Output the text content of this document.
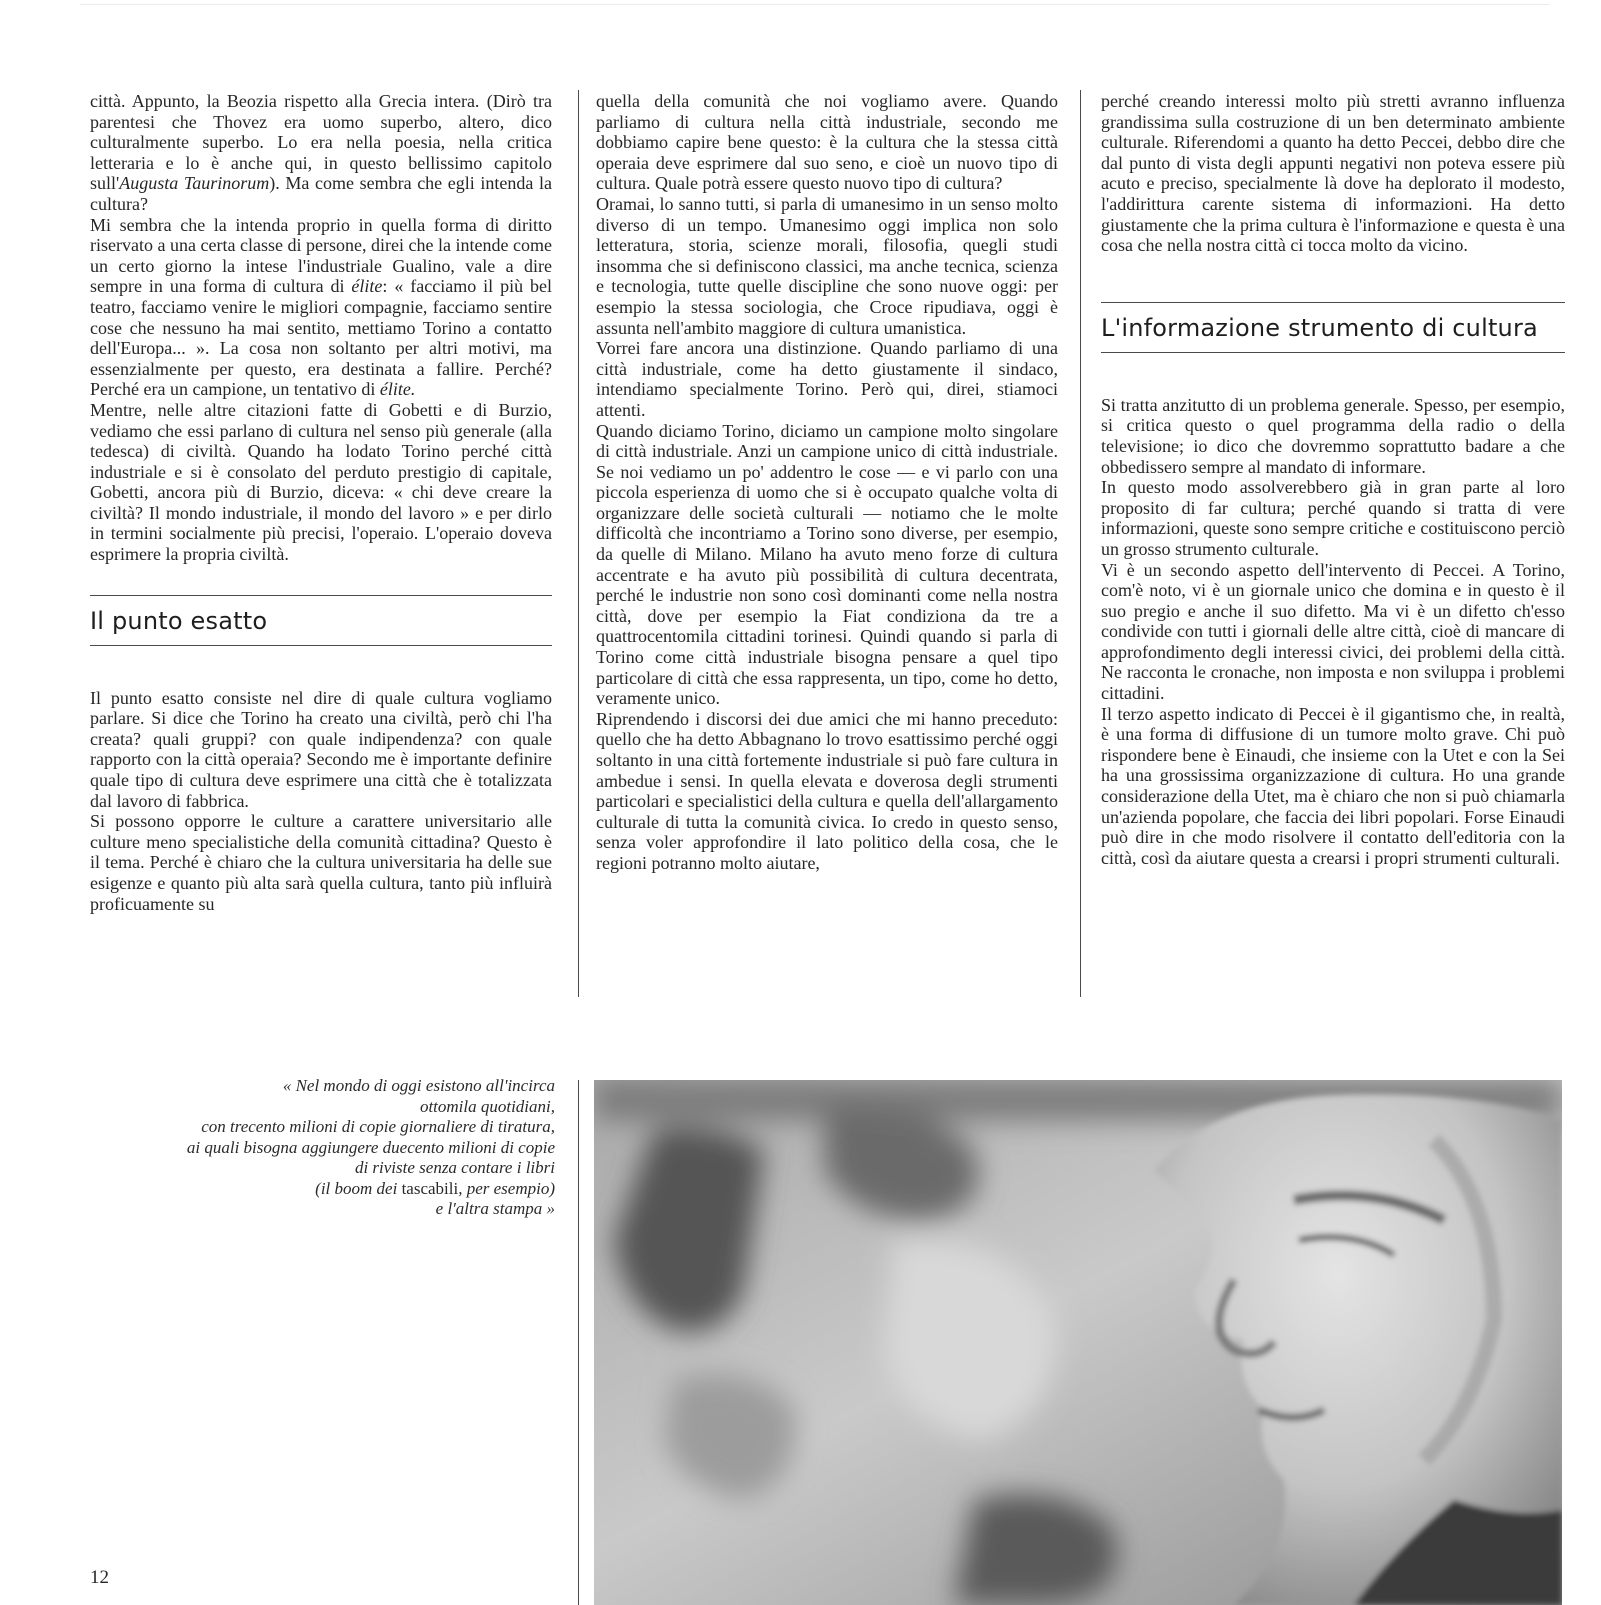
città. Appunto, la Beozia rispetto alla Grecia intera. (Dirò tra parentesi che Thovez era uomo superbo, altero, dico culturalmente superbo. Lo era nella poesia, nella critica letteraria e lo è anche qui, in questo bellissimo capitolo sull'Augusta Taurinorum). Ma come sembra che egli intenda la cultura?

Mi sembra che la intenda proprio in quella forma di diritto riservato a una certa classe di persone, direi che la intende come un certo giorno la intese l'industriale Gualino, vale a dire sempre in una forma di cultura di élite: « facciamo il più bel teatro, facciamo venire le migliori compagnie, facciamo sentire cose che nessuno ha mai sentito, mettiamo Torino a contatto dell'Europa... ». La cosa non soltanto per altri motivi, ma essenzialmente per questo, era destinata a fallire. Perché? Perché era un campione, un tentativo di élite.

Mentre, nelle altre citazioni fatte di Gobetti e di Burzio, vediamo che essi parlano di cultura nel senso più generale (alla tedesca) di civiltà. Quando ha lodato Torino perché città industriale e si è consolato del perduto prestigio di capitale, Gobetti, ancora più di Burzio, diceva: « chi deve creare la civiltà? Il mondo industriale, il mondo del lavoro » e per dirlo in termini socialmente più precisi, l'operaio. L'operaio doveva esprimere la propria civiltà.

Il punto esatto

Il punto esatto consiste nel dire di quale cultura vogliamo parlare. Si dice che Torino ha creato una civiltà, però chi l'ha creata? quali gruppi? con quale indipendenza? con quale rapporto con la città operaia? Secondo me è importante definire quale tipo di cultura deve esprimere una città che è totalizzata dal lavoro di fabbrica.

Si possono opporre le culture a carattere universitario alle culture meno specialistiche della comunità cittadina? Questo è il tema. Perché è chiaro che la cultura universitaria ha delle sue esigenze e quanto più alta sarà quella cultura, tanto più influirà proficuamente su

quella della comunità che noi vogliamo avere. Quando parliamo di cultura nella città industriale, secondo me dobbiamo capire bene questo: è la cultura che la stessa città operaia deve esprimere dal suo seno, e cioè un nuovo tipo di cultura. Quale potrà essere questo nuovo tipo di cultura?

Oramai, lo sanno tutti, si parla di umanesimo in un senso molto diverso di un tempo. Umanesimo oggi implica non solo letteratura, storia, scienze morali, filosofia, quegli studi insomma che si definiscono classici, ma anche tecnica, scienza e tecnologia, tutte quelle discipline che sono nuove oggi: per esempio la stessa sociologia, che Croce ripudiava, oggi è assunta nell'ambito maggiore di cultura umanistica.

Vorrei fare ancora una distinzione. Quando parliamo di una città industriale, come ha detto giustamente il sindaco, intendiamo specialmente Torino. Però qui, direi, stiamoci attenti.

Quando diciamo Torino, diciamo un campione molto singolare di città industriale. Anzi un campione unico di città industriale. Se noi vediamo un po' addentro le cose — e vi parlo con una piccola esperienza di uomo che si è occupato qualche volta di organizzare delle società culturali — notiamo che le molte difficoltà che incontriamo a Torino sono diverse, per esempio, da quelle di Milano. Milano ha avuto meno forze di cultura accentrate e ha avuto più possibilità di cultura decentrata, perché le industrie non sono così dominanti come nella nostra città, dove per esempio la Fiat condiziona da tre a quattrocentomila cittadini torinesi. Quindi quando si parla di Torino come città industriale bisogna pensare a quel tipo particolare di città che essa rappresenta, un tipo, come ho detto, veramente unico.

Riprendendo i discorsi dei due amici che mi hanno preceduto: quello che ha detto Abbagnano lo trovo esattissimo perché oggi soltanto in una città fortemente industriale si può fare cultura in ambedue i sensi. In quella elevata e doverosa degli strumenti particolari e specialistici della cultura e quella dell'allargamento culturale di tutta la comunità civica. Io credo in questo senso, senza voler approfondire il lato politico della cosa, che le regioni potranno molto aiutare,

perché creando interessi molto più stretti avranno influenza grandissima sulla costruzione di un ben determinato ambiente culturale. Riferendomi a quanto ha detto Peccei, debbo dire che dal punto di vista degli appunti negativi non poteva essere più acuto e preciso, specialmente là dove ha deplorato il modesto, l'addirittura carente sistema di informazioni. Ha detto giustamente che la prima cultura è l'informazione e questa è una cosa che nella nostra città ci tocca molto da vicino.

L'informazione strumento di cultura

Si tratta anzitutto di un problema generale. Spesso, per esempio, si critica questo o quel programma della radio o della televisione; io dico che dovremmo soprattutto badare a che obbedissero sempre al mandato di informare.

In questo modo assolverebbero già in gran parte al loro proposito di far cultura; perché quando si tratta di vere informazioni, queste sono sempre critiche e costituiscono perciò un grosso strumento culturale.

Vi è un secondo aspetto dell'intervento di Peccei. A Torino, com'è noto, vi è un giornale unico che domina e in questo è il suo pregio e anche il suo difetto. Ma vi è un difetto ch'esso condivide con tutti i giornali delle altre città, cioè di mancare di approfondimento degli interessi civici, dei problemi della città. Ne racconta le cronache, non imposta e non sviluppa i problemi cittadini.

Il terzo aspetto indicato di Peccei è il gigantismo che, in realtà, è una forma di diffusione di un tumore molto grave. Chi può rispondere bene è Einaudi, che insieme con la Utet e con la Sei ha una grossissima organizzazione di cultura. Ho una grande considerazione della Utet, ma è chiaro che non si può chiamarla un'azienda popolare, che faccia dei libri popolari. Forse Einaudi può dire in che modo risolvere il contatto dell'editoria con la città, così da aiutare questa a crearsi i propri strumenti culturali.

« Nel mondo di oggi esistono all'incirca
ottomila quotidiani,
con trecento milioni di copie giornaliere di tiratura,
ai quali bisogna aggiungere duecento milioni di copie
di riviste senza contare i libri
(il boom dei tascabili, per esempio)
e l'altra stampa »
12
